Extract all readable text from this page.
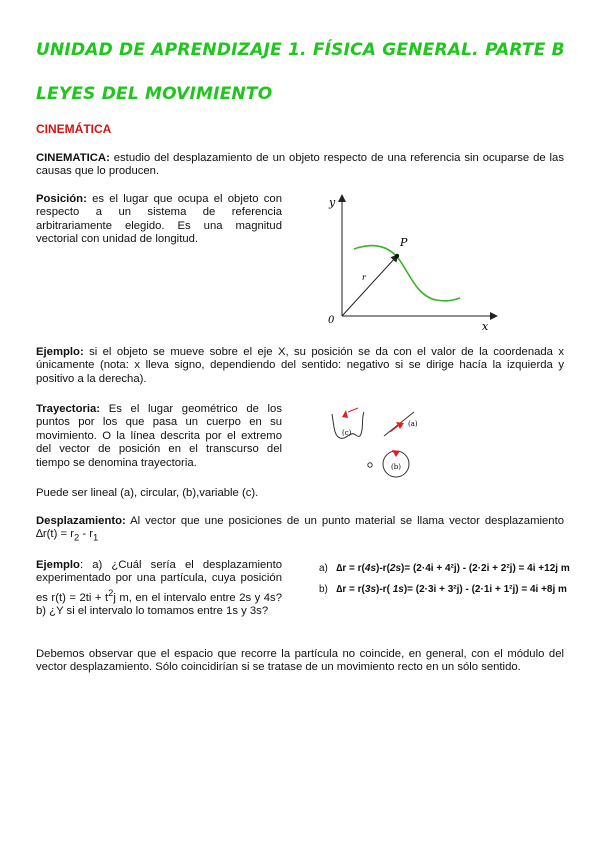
UNIDAD DE APRENDIZAJE 1. FÍSICA GENERAL. PARTE B
LEYES DEL MOVIMIENTO
CINEMÁTICA
CINEMATICA: estudio del desplazamiento de un objeto respecto de una referencia sin ocuparse de las causas que lo producen.
Posición: es el lugar que ocupa el objeto con respecto a un sistema de referencia arbitrariamente elegido. Es una magnitud vectorial con unidad de longitud.
y
x
0
P
r
Ejemplo: si el objeto se mueve sobre el eje X, su posición se da con el valor de la coordenada x únicamente (nota: x lleva signo, dependiendo del sentido: negativo si se dirige hacía la izquierda y positivo a la derecha).
Trayectoria: Es el lugar geométrico de los puntos por los que pasa un cuerpo en su movimiento. O la línea descrita por el extremo del vector de posición en el transcurso del tiempo se denomina trayectoria.
Puede ser lineal (a), circular, (b),variable (c).
(c)
(a)
(b)
Desplazamiento: Al vector que une posiciones de un punto material se llama vector desplazamiento $\Delta r(t) = r_2 - r_1$
Ejemplo: a) ¿Cuál sería el desplazamiento experimentado por una partícula, cuya posición es $r(t) = 2ti + t^2j$ m, en el intervalo entre 2s y 4s? b) ¿Y si el intervalo lo tomamos entre 1s y 3s?
a) ∆r = r(4s)-r(2s)= (2·4i + 4²j) - (2·2i + 2²j) = 4i +12j m
b) ∆r = r(3s)-r( 1s)= (2·3i + 3²j) - (2·1i + 1²j) = 4i +8j m
Debemos observar que el espacio que recorre la partícula no coincide, en general, con el módulo del vector desplazamiento. Sólo coincidirían si se tratase de un movimiento recto en un sólo sentido.
